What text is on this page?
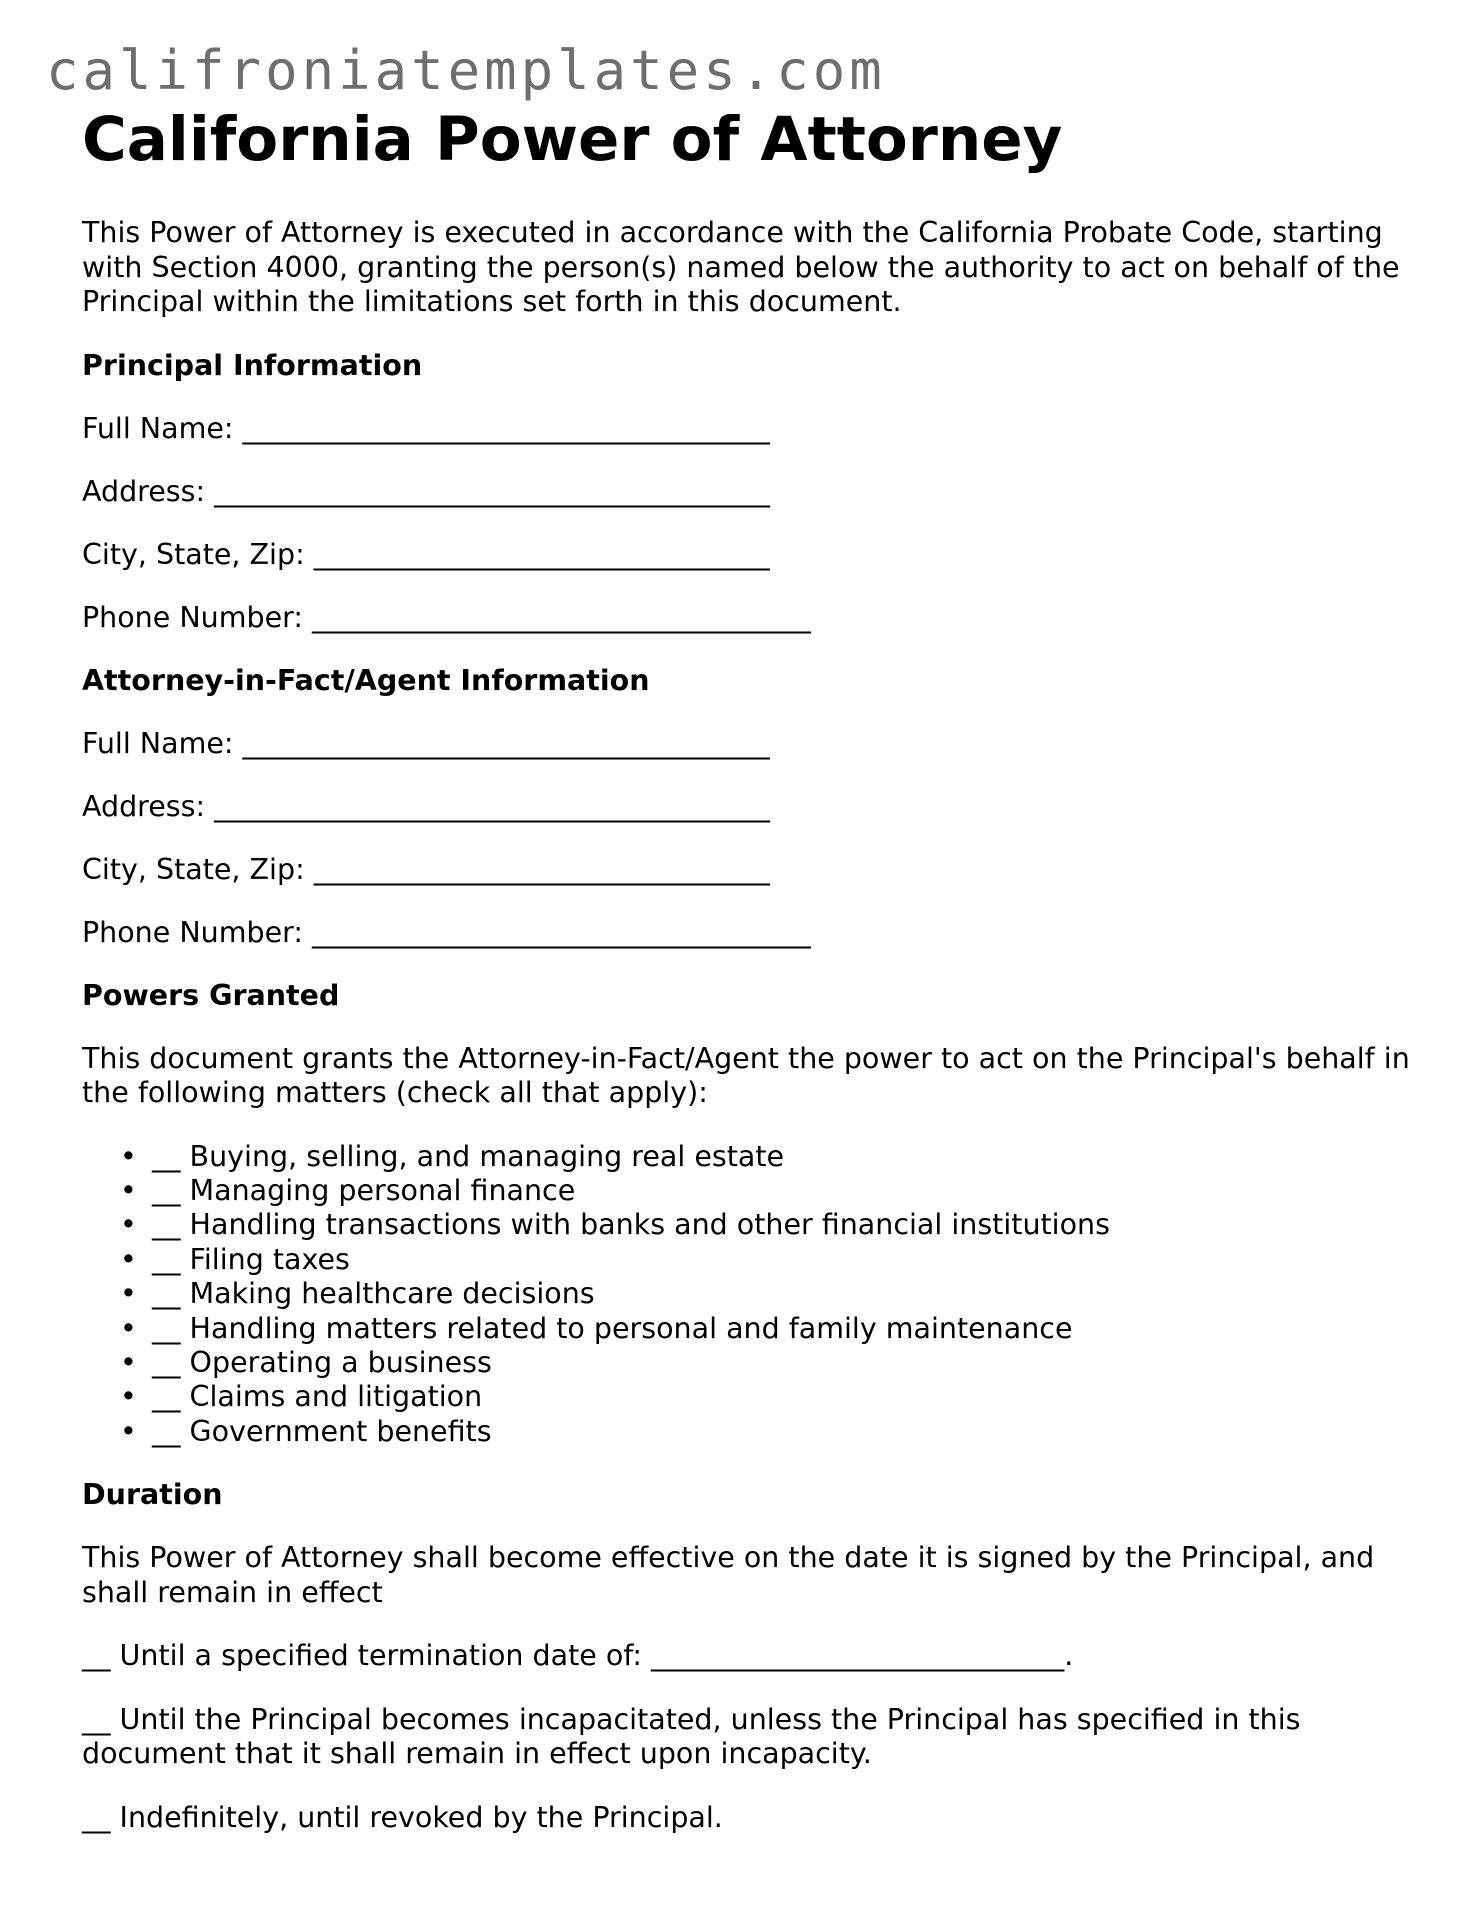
califroniatemplates.com
California Power of Attorney

This Power of Attorney is executed in accordance with the California Probate Code, starting with Section 4000, granting the person(s) named below the authority to act on behalf of the Principal within the limitations set forth in this document.

Principal Information

Full Name: _____________________________________

Address: _______________________________________

City, State, Zip: ________________________________

Phone Number: ___________________________________

Attorney-in-Fact/Agent Information

Full Name: _____________________________________

Address: _______________________________________

City, State, Zip: ________________________________

Phone Number: ___________________________________

Powers Granted

This document grants the Attorney-in-Fact/Agent the power to act on the Principal's behalf in the following matters (check all that apply):

• __ Buying, selling, and managing real estate
• __ Managing personal finance
• __ Handling transactions with banks and other financial institutions
• __ Filing taxes
• __ Making healthcare decisions
• __ Handling matters related to personal and family maintenance
• __ Operating a business
• __ Claims and litigation
• __ Government benefits
Duration

This Power of Attorney shall become effective on the date it is signed by the Principal, and shall remain in effect

__ Until a specified termination date of: _____________________________.

__ Until the Principal becomes incapacitated, unless the Principal has specified in this document that it shall remain in effect upon incapacity.

__ Indefinitely, until revoked by the Principal.
